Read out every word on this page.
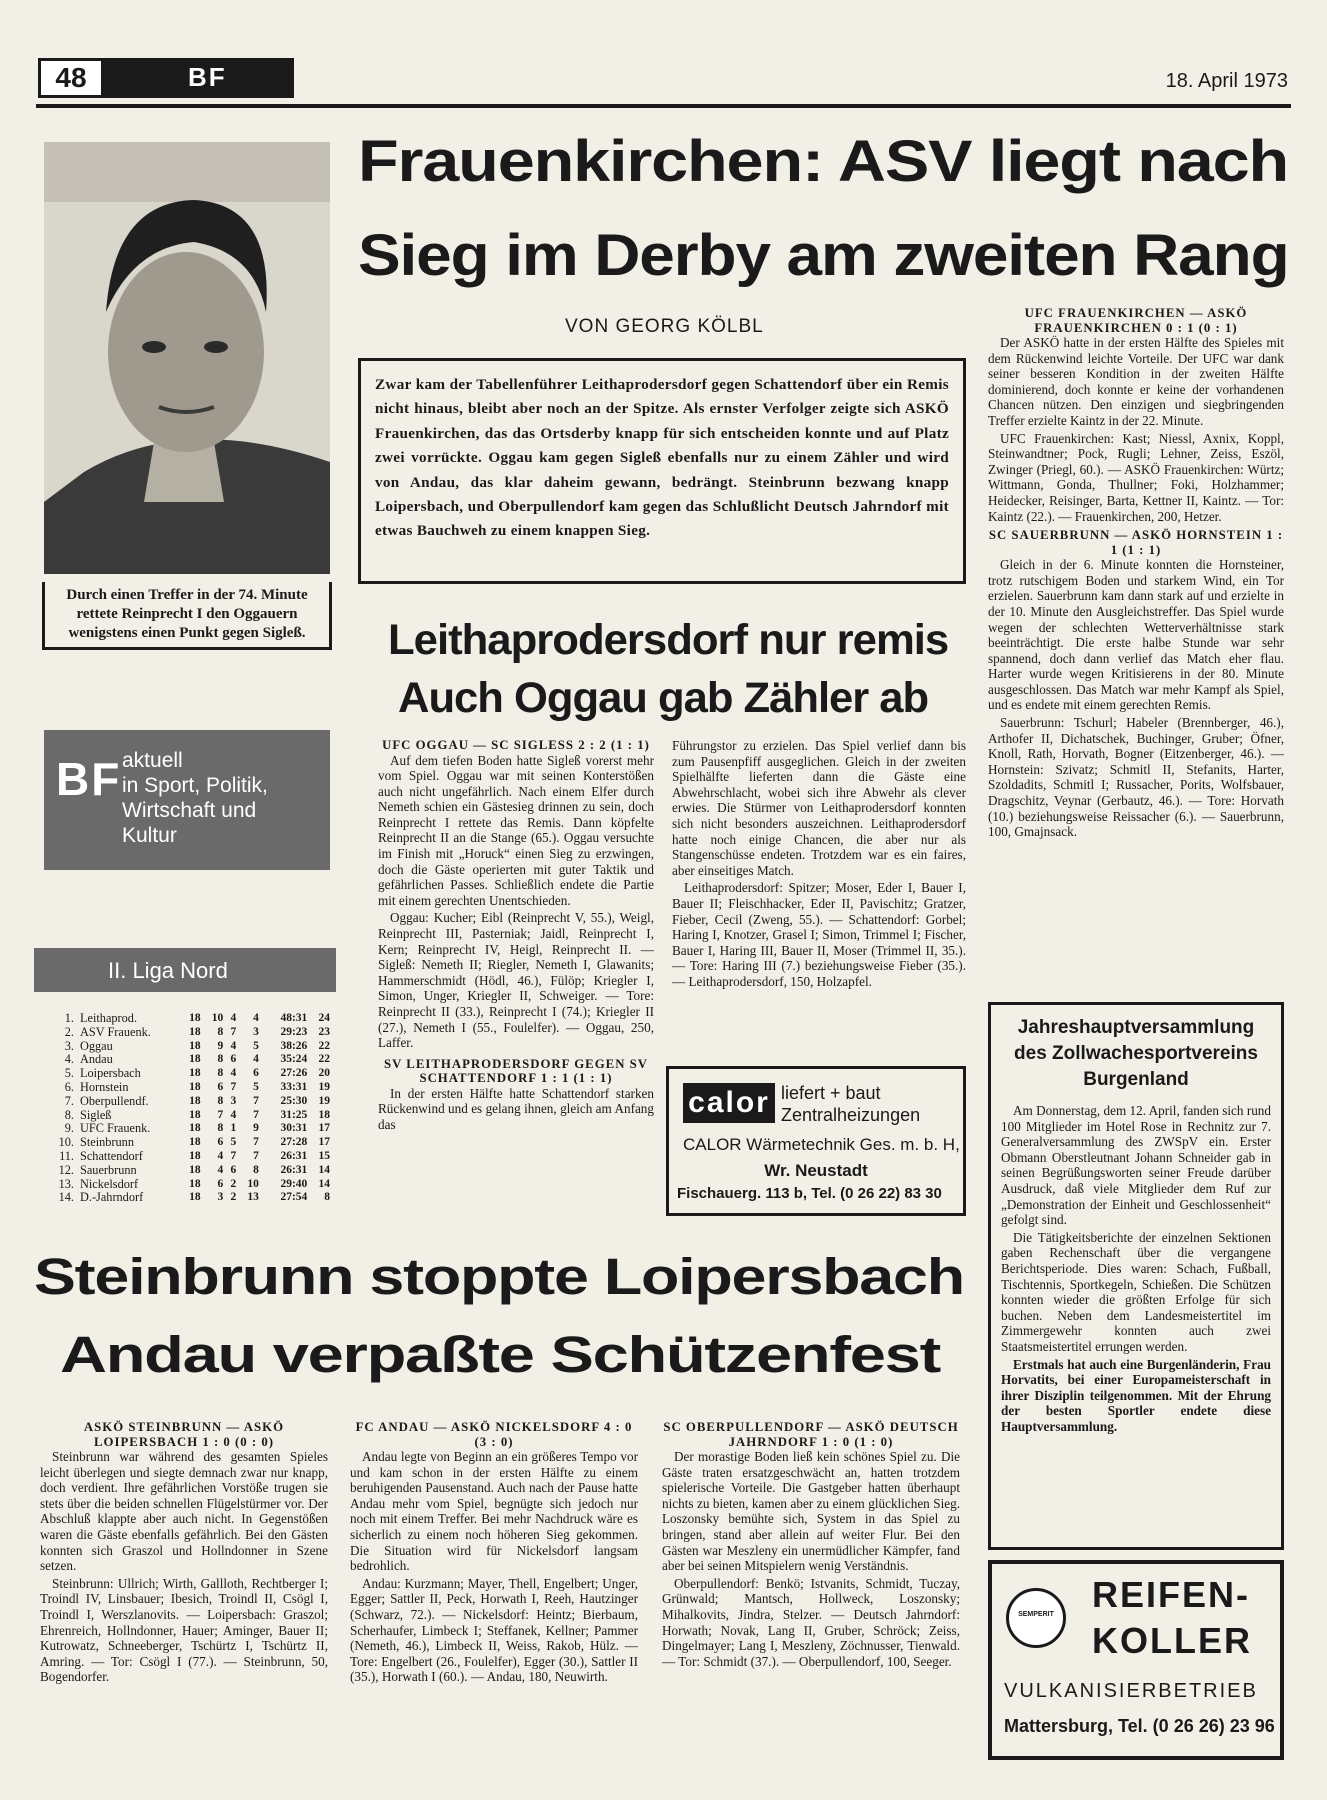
48	BF	18. April 1973
Durch einen Treffer in der 74. Minute rettete Reinprecht I den Oggauern wenigstens einen Punkt gegen Sigleß.
BF aktuell
in Sport, Politik,
Wirtschaft und
Kultur
II. Liga Nord
1.	Leithaprod.	18	10	4	4	48:31	24
2.	ASV Frauenk.	18	8	7	3	29:23	23
3.	Oggau	18	9	4	5	38:26	22
4.	Andau	18	8	6	4	35:24	22
5.	Loipersbach	18	8	4	6	27:26	20
6.	Hornstein	18	6	7	5	33:31	19
7.	Oberpullendf.	18	8	3	7	25:30	19
8.	Sigleß	18	7	4	7	31:25	18
9.	UFC Frauenk.	18	8	1	9	30:31	17
10.	Steinbrunn	18	6	5	7	27:28	17
11.	Schattendorf	18	4	7	7	26:31	15
12.	Sauerbrunn	18	4	6	8	26:31	14
13.	Nickelsdorf	18	6	2	10	29:40	14
14.	D.-Jahrndorf	18	3	2	13	27:54	8
Frauenkirchen: ASV liegt nach
Sieg im Derby am zweiten Rang
VON GEORG KÖLBL
Zwar kam der Tabellenführer Leithaprodersdorf gegen Schattendorf über ein Remis nicht hinaus, bleibt aber noch an der Spitze. Als ernster Verfolger zeigte sich ASKÖ Frauenkirchen, das das Ortsderby knapp für sich entscheiden konnte und auf Platz zwei vorrückte. Oggau kam gegen Sigleß ebenfalls nur zu einem Zähler und wird von Andau, das klar daheim gewann, bedrängt. Steinbrunn bezwang knapp Loipersbach, und Oberpullendorf kam gegen das Schlußlicht Deutsch Jahrndorf mit etwas Bauchweh zu einem knappen Sieg.
UFC FRAUENKIRCHEN — ASKÖ FRAUENKIRCHEN 0 : 1 (0 : 1)

Der ASKÖ hatte in der ersten Hälfte des Spieles mit dem Rückenwind leichte Vorteile. Der UFC war dank seiner besseren Kondition in der zweiten Hälfte dominierend, doch konnte er keine der vorhandenen Chancen nützen. Den einzigen und siegbringenden Treffer erzielte Kaintz in der 22. Minute.

UFC Frauenkirchen: Kast; Niessl, Axnix, Koppl, Steinwandtner; Pock, Rugli; Lehner, Zeiss, Eszöl, Zwinger (Priegl, 60.). — ASKÖ Frauenkirchen: Würtz; Wittmann, Gonda, Thullner; Foki, Holzhammer; Heidecker, Reisinger, Barta, Kettner II, Kaintz. — Tor: Kaintz (22.). — Frauenkirchen, 200, Hetzer.

SC SAUERBRUNN — ASKÖ HORNSTEIN 1 : 1 (1 : 1)

Gleich in der 6. Minute konnten die Hornsteiner, trotz rutschigem Boden und starkem Wind, ein Tor erzielen. Sauerbrunn kam dann stark auf und erzielte in der 10. Minute den Ausgleichstreffer. Das Spiel wurde wegen der schlechten Wetterverhältnisse stark beeinträchtigt. Die erste halbe Stunde war sehr spannend, doch dann verlief das Match eher flau. Harter wurde wegen Kritisierens in der 80. Minute ausgeschlossen. Das Match war mehr Kampf als Spiel, und es endete mit einem gerechten Remis.

Sauerbrunn: Tschurl; Habeler (Brennberger, 46.), Arthofer II, Dichatschek, Buchinger, Gruber; Öfner, Knoll, Rath, Horvath, Bogner (Eitzenberger, 46.). — Hornstein: Szivatz; Schmitl II, Stefanits, Harter, Szoldadits, Schmitl I; Russacher, Porits, Wolfsbauer, Dragschitz, Veynar (Gerbautz, 46.). — Tore: Horvath (10.) beziehungsweise Reissacher (6.). — Sauerbrunn, 100, Gmajnsack.

Jahreshauptversammlung des Zollwachesportvereins Burgenland

Am Donnerstag, dem 12. April, fanden sich rund 100 Mitglieder im Hotel Rose in Rechnitz zur 7. Generalversammlung des ZWSpV ein. Erster Obmann Oberstleutnant Johann Schneider gab in seinen Begrüßungsworten seiner Freude darüber Ausdruck, daß viele Mitglieder dem Ruf zur „Demonstration der Einheit und Geschlossenheit“ gefolgt sind.

Die Tätigkeitsberichte der einzelnen Sektionen gaben Rechenschaft über die vergangene Berichtsperiode. Dies waren: Schach, Fußball, Tischtennis, Sportkegeln, Schießen. Die Schützen konnten wieder die größten Erfolge für sich buchen. Neben dem Landesmeistertitel im Zimmergewehr konnten auch zwei Staatsmeistertitel errungen werden.

Erstmals hat auch eine Burgenländerin, Frau Horvatits, bei einer Europameisterschaft in ihrer Disziplin teilgenommen. Mit der Ehrung der besten Sportler endete diese Hauptversammlung.

SEMPERIT REIFEN-
KOLLER
VULKANISIERBETRIEB
Mattersburg, Tel. (0 26 26) 23 96
Leithaprodersdorf nur remis
Auch Oggau gab Zähler ab
UFC OGGAU — SC SIGLESS 2 : 2 (1 : 1)

Auf dem tiefen Boden hatte Sigleß vorerst mehr vom Spiel. Oggau war mit seinen Konterstößen auch nicht ungefährlich. Nach einem Elfer durch Nemeth schien ein Gästesieg drinnen zu sein, doch Reinprecht I rettete das Remis. Dann köpfelte Reinprecht II an die Stange (65.). Oggau versuchte im Finish mit „Horuck“ einen Sieg zu erzwingen, doch die Gäste operierten mit guter Taktik und gefährlichen Passes. Schließlich endete die Partie mit einem gerechten Unentschieden.

Oggau: Kucher; Eibl (Reinprecht V, 55.), Weigl, Reinprecht III, Pasterniak; Jaidl, Reinprecht I, Kern; Reinprecht IV, Heigl, Reinprecht II. — Sigleß: Nemeth II; Riegler, Nemeth I, Glawanits; Hammerschmidt (Hödl, 46.), Fülöp; Kriegler I, Simon, Unger, Kriegler II, Schweiger. — Tore: Reinprecht II (33.), Reinprecht I (74.); Kriegler II (27.), Nemeth I (55., Foulelfer). — Oggau, 250, Laffer.

SV LEITHAPRODERSDORF GEGEN SV SCHATTENDORF 1 : 1 (1 : 1)

In der ersten Hälfte hatte Schattendorf starken Rückenwind und es gelang ihnen, gleich am Anfang das

Führungstor zu erzielen. Das Spiel verlief dann bis zum Pausenpfiff ausgeglichen. Gleich in der zweiten Spielhälfte lieferten dann die Gäste eine Abwehrschlacht, wobei sich ihre Abwehr als clever erwies. Die Stürmer von Leithaprodersdorf konnten sich nicht besonders auszeichnen. Leithaprodersdorf hatte noch einige Chancen, die aber nur als Stangenschüsse endeten. Trotzdem war es ein faires, aber einseitiges Match.

Leithaprodersdorf: Spitzer; Moser, Eder I, Bauer I, Bauer II; Fleischhacker, Eder II, Pavischitz; Gratzer, Fieber, Cecil (Zweng, 55.). — Schattendorf: Gorbel; Haring I, Knotzer, Grasel I; Simon, Trimmel I; Fischer, Bauer I, Haring III, Bauer II, Moser (Trimmel II, 35.). — Tore: Haring III (7.) beziehungsweise Fieber (35.). — Leithaprodersdorf, 150, Holzapfel.

calor liefert + baut
Zentralheizungen
CALOR Wärmetechnik Ges. m. b. H,
Wr. Neustadt
Fischauerg. 113 b, Tel. (0 26 22) 83 30
Steinbrunn stoppte Loipersbach
Andau verpaßte Schützenfest
ASKÖ STEINBRUNN — ASKÖ LOIPERSBACH 1 : 0 (0 : 0)

Steinbrunn war während des gesamten Spieles leicht überlegen und siegte demnach zwar nur knapp, doch verdient. Ihre gefährlichen Vorstöße trugen sie stets über die beiden schnellen Flügelstürmer vor. Der Abschluß klappte aber auch nicht. In Gegenstößen waren die Gäste ebenfalls gefährlich. Bei den Gästen konnten sich Graszol und Hollndonner in Szene setzen.

Steinbrunn: Ullrich; Wirth, Gallloth, Rechtberger I; Troindl IV, Linsbauer; Ibesich, Troindl II, Csögl I, Troindl I, Werszlanovits. — Loipersbach: Graszol; Ehrenreich, Hollndonner, Hauer; Aminger, Bauer II; Kutrowatz, Schneeberger, Tschürtz I, Tschürtz II, Amring. — Tor: Csögl I (77.). — Steinbrunn, 50, Bogendorfer.

FC ANDAU — ASKÖ NICKELSDORF 4 : 0 (3 : 0)

Andau legte von Beginn an ein größeres Tempo vor und kam schon in der ersten Hälfte zu einem beruhigenden Pausenstand. Auch nach der Pause hatte Andau mehr vom Spiel, begnügte sich jedoch nur noch mit einem Treffer. Bei mehr Nachdruck wäre es sicherlich zu einem noch höheren Sieg gekommen. Die Situation wird für Nickelsdorf langsam bedrohlich.

Andau: Kurzmann; Mayer, Thell, Engelbert; Unger, Egger; Sattler II, Peck, Horwath I, Reeh, Hautzinger (Schwarz, 72.). — Nickelsdorf: Heintz; Bierbaum, Scherhaufer, Limbeck I; Steffanek, Kellner; Pammer (Nemeth, 46.), Limbeck II, Weiss, Rakob, Hülz. — Tore: Engelbert (26., Foulelfer), Egger (30.), Sattler II (35.), Horwath I (60.). — Andau, 180, Neuwirth.

SC OBERPULLENDORF — ASKÖ DEUTSCH JAHRNDORF 1 : 0 (1 : 0)

Der morastige Boden ließ kein schönes Spiel zu. Die Gäste traten ersatzgeschwächt an, hatten trotzdem spielerische Vorteile. Die Gastgeber hatten überhaupt nichts zu bieten, kamen aber zu einem glücklichen Sieg. Loszonsky bemühte sich, System in das Spiel zu bringen, stand aber allein auf weiter Flur. Bei den Gästen war Meszleny ein unermüdlicher Kämpfer, fand aber bei seinen Mitspielern wenig Verständnis.

Oberpullendorf: Benkö; Istvanits, Schmidt, Tuczay, Grünwald; Mantsch, Hollweck, Loszonsky; Mihalkovits, Jindra, Stelzer. — Deutsch Jahrndorf: Horwath; Novak, Lang II, Gruber, Schröck; Zeiss, Dingelmayer; Lang I, Meszleny, Zöchnusser, Tienwald. — Tor: Schmidt (37.). — Oberpullendorf, 100, Seeger.
